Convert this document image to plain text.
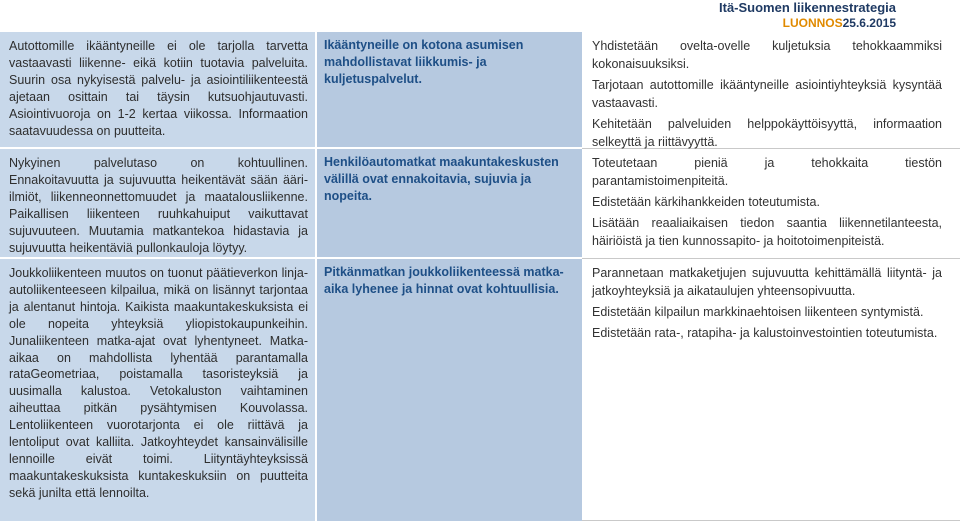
Itä-Suomen liikennestrategia
LUONNOS25.6.2015

Autottomille ikääntyneille ei ole tarjolla tarvetta vastaavasti liikenne- eikä kotiin tuotavia palveluita. Suurin osa nykyisestä palvelu- ja asiointiliikenteestä ajetaan osittain tai täysin kutsuohjautuvasti. Asiointivuoroja on 1-2 kertaa viikossa. Informaation saatavuudessa on puutteita.

Nykyinen palvelutaso on kohtuullinen. Ennakoitavuutta ja sujuvuutta heikentävät sään ääri-ilmiöt, liikenneonnettomuudet ja maatalousliikenne. Paikallisen liikenteen ruuhkahuiput vaikuttavat sujuvuuteen. Muutamia matkantekoa hidastavia ja sujuvuutta heikentäviä pullonkauloja löytyy.

Joukkoliikenteen muutos on tuonut päätieverkon linja-autoliikenteeseen kilpailua, mikä on lisännyt tarjontaa ja alentanut hintoja. Kaikista maakuntakeskuksista ei ole nopeita yhteyksiä yliopistokaupunkeihin. Junaliikenteen matka-ajat ovat lyhentyneet. Matka-aikaa on mahdollista lyhentää parantamalla rataGeometriaa, poistamalla tasoristeyksiä ja uusimalla kalustoa. Vetokaluston vaihtaminen aiheuttaa pitkän pysähtymisen Kouvolassa. Lentoliikenteen vuorotarjonta ei ole riittävä ja lentoliput ovat kalliita. Jatkoyhteydet kansainvälisille lennoille eivät toimi. Liityntäyhteyksissä maakuntakeskuksista kuntakeskuksiin on puutteita sekä junilta että lennoilta.

Ikääntyneille on kotona asumisen mahdollistavat liikkumis- ja kuljetuspalvelut.

Henkilöautomatkat maakuntakeskusten välillä ovat ennakoitavia, sujuvia ja nopeita.

Pitkänmatkan joukkoliikenteessä matka-aika lyhenee ja hinnat ovat kohtuullisia.

Yhdistetään ovelta-ovelle kuljetuksia tehokkaammiksi kokonaisuuksiksi.

Tarjotaan autottomille ikääntyneille asiointiyhteyksiä kysyntää vastaavasti.

Kehitetään palveluiden helppokäyttöisyyttä, informaation selkeyttä ja riittävyyttä.

Toteutetaan pieniä ja tehokkaita tiestön parantamistoimenpiteitä.

Edistetään kärkihankkeiden toteutumista.

Lisätään reaaliaikaisen tiedon saantia liikennetilanteesta, häiriöistä ja tien kunnossapito- ja hoitotoimenpiteistä.

Parannetaan matkaketjujen sujuvuutta kehittämällä liityntä- ja jatkoyhteyksiä ja aikataulujen yhteensopivuutta.

Edistetään kilpailun markkinaehtoisen liikenteen syntymistä.

Edistetään rata-, ratapiha- ja kalustoinvestointien toteutumista.
